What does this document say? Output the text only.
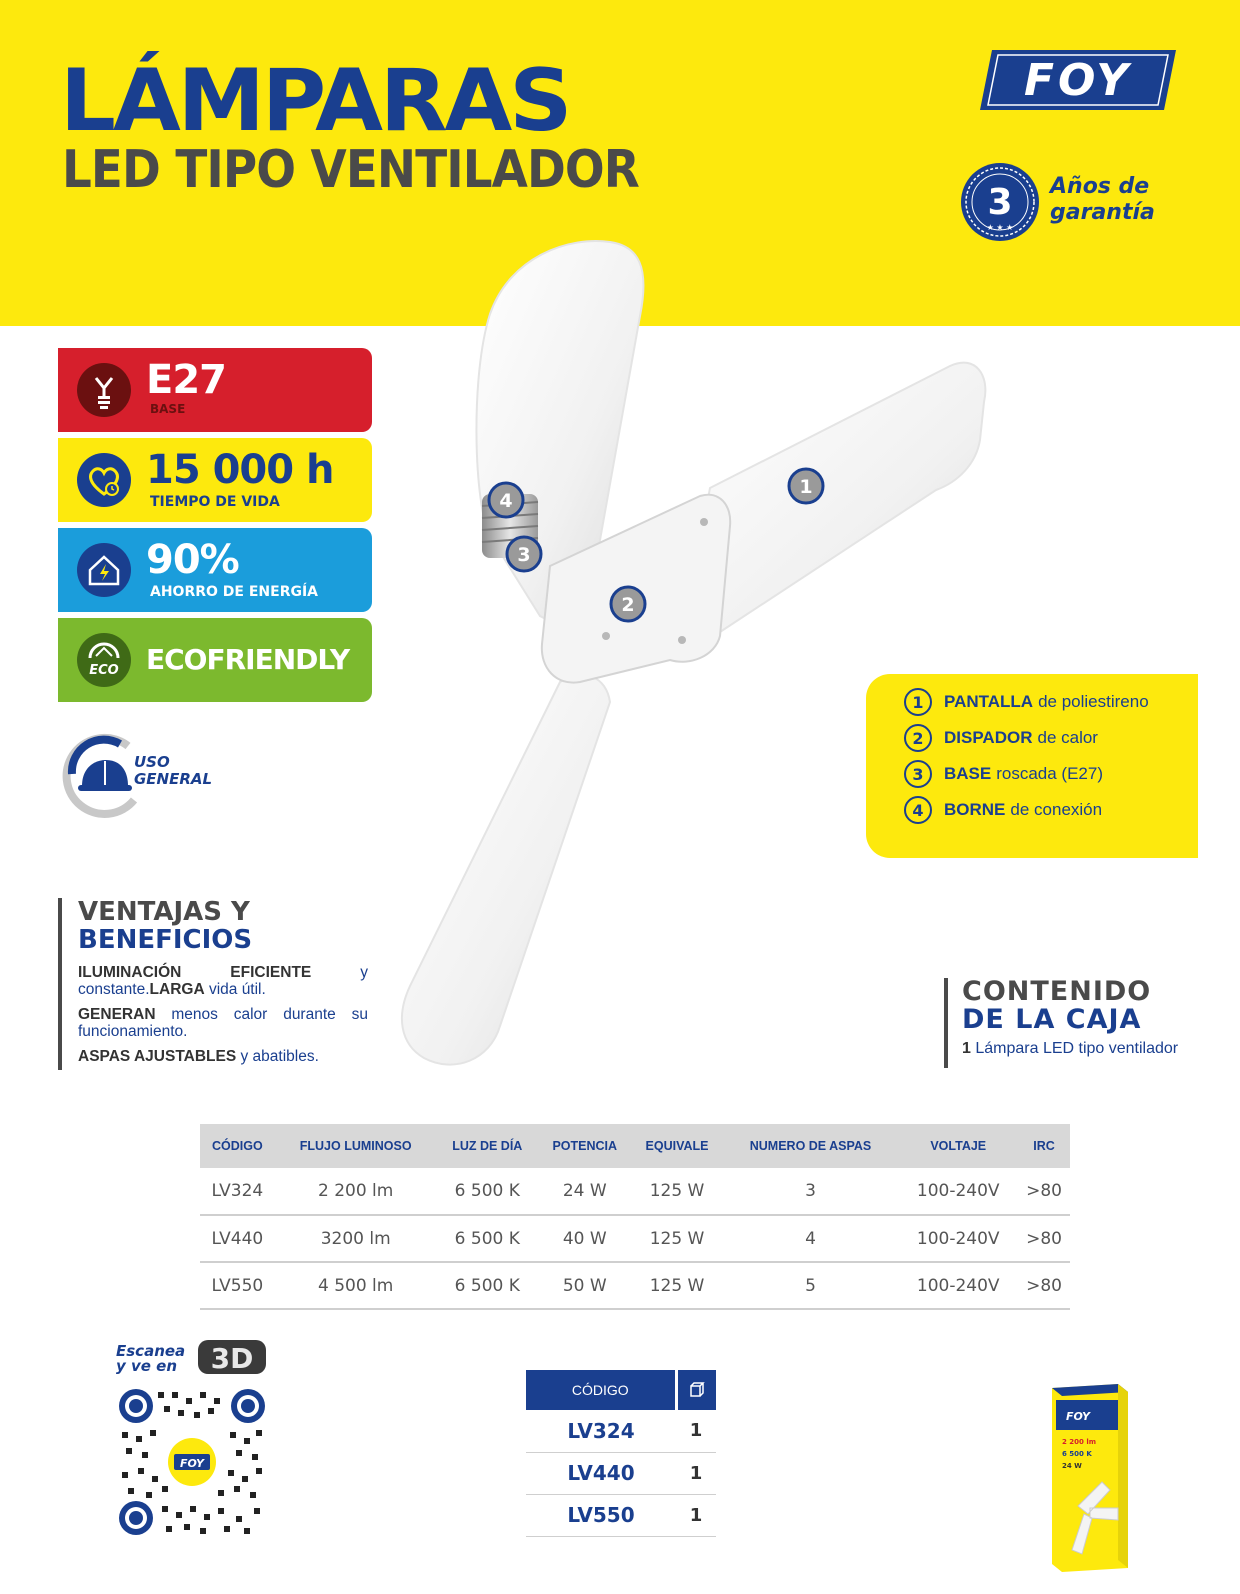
LÁMPARAS
LED TIPO VENTILADOR
FOY
3
★ ★ ★
Años de
garantía
E27
BASE
15 000 h
TIEMPO DE VIDA
90%
AHORRO DE ENERGÍA
ECO ECOFRIENDLY
USO
GENERAL
1
2
3
4
1	PANTALLA de poliestireno
2	DISPADOR de calor
3	BASE roscada (E27)
4	BORNE de conexión
VENTAJAS Y
BENEFICIOS

ILUMINACIÓN EFICIENTE y constante.LARGA vida útil.

GENERAN menos calor durante su funcionamiento.

ASPAS AJUSTABLES y abatibles.

CONTENIDO
DE LA CAJA
1 Lámpara LED tipo ventilador
CÓDIGO	FLUJO LUMINOSO	LUZ DE DÍA	POTENCIA	EQUIVALE	NUMERO DE ASPAS	VOLTAJE	IRC
LV324	2 200 lm	6 500 K	24 W	125 W	3	100-240V	>80
LV440	3200 lm	6 500 K	40 W	125 W	4	100-240V	>80
LV550	4 500 lm	6 500 K	50 W	125 W	5	100-240V	>80
Escanea
y ve en 3D
FOY
CÓDIGO	
LV324	1
LV440	1
LV550	1
FOY
2 200 lm
6 500 K
24 W
